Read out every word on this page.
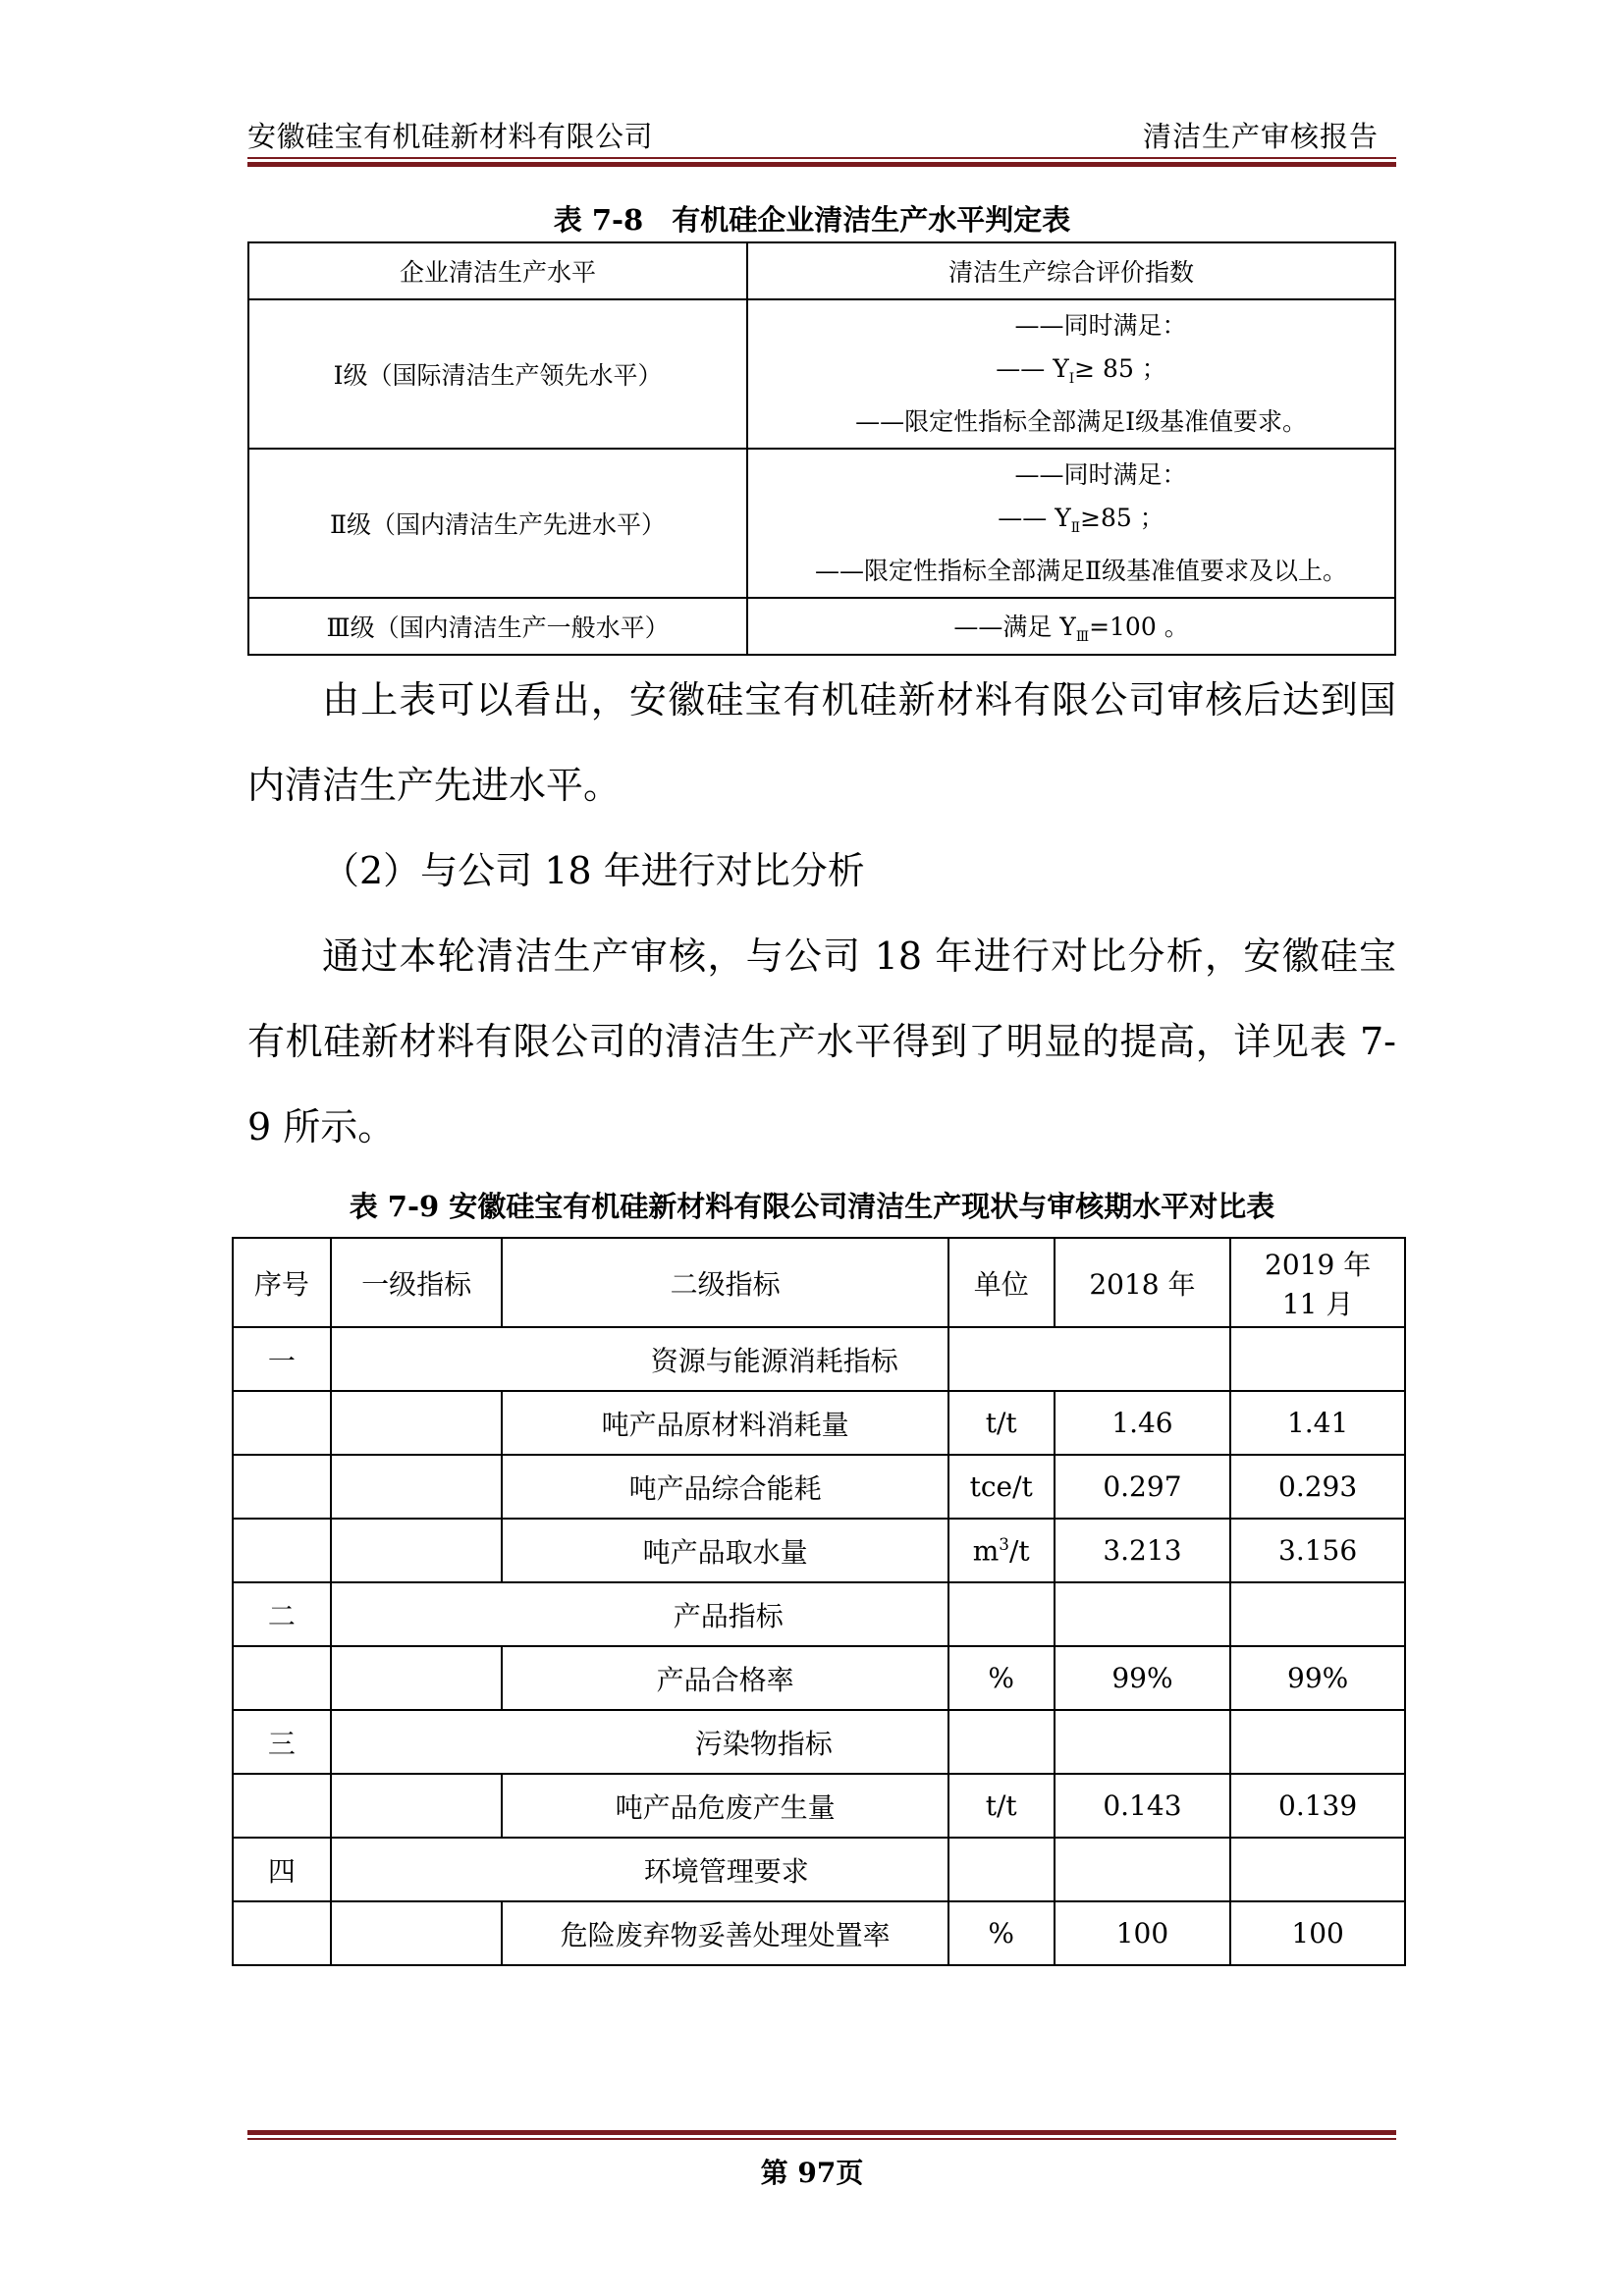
安徽硅宝有机硅新材料有限公司	清洁生产审核报告
表 7-8　有机硅企业清洁生产水平判定表
企业清洁生产水平	清洁生产综合评价指数
Ⅰ级（国际清洁生产领先水平）	——同时满足：
—— $Y_Ⅰ\ge 85$ ；
——限定性指标全部满足Ⅰ级基准值要求。

Ⅱ级（国内清洁生产先进水平）	——同时满足：
—— $Y_Ⅱ\ge 85$ ；
——限定性指标全部满足Ⅱ级基准值要求及以上。

Ⅲ级（国内清洁生产一般水平）	——满足 $Y_Ⅲ=100$ 。
由上表可以看出，安徽硅宝有机硅新材料有限公司审核后达到国内清洁生产先进水平。
（2）与公司 18 年进行对比分析
通过本轮清洁生产审核，与公司 18 年进行对比分析，安徽硅宝有机硅新材料有限公司的清洁生产水平得到了明显的提高，详见表 7-9 所示。
表 7-9 安徽硅宝有机硅新材料有限公司清洁生产现状与审核期水平对比表
序号	一级指标	二级指标	单位	2018 年	2019 年 11 月
一	资源与能源消耗指标				
		吨产品原材料消耗量	t/t	1.46	1.41
		吨产品综合能耗	tce/t	0.297	0.293
		吨产品取水量	$m^3/t$	3.213	3.156
二	产品指标				
		产品合格率	%	99%	99%
三	污染物指标				
		吨产品危废产生量	t/t	0.143	0.139
四	环境管理要求				
		危险废弃物妥善处理处置率	%	100	100
第 97页
